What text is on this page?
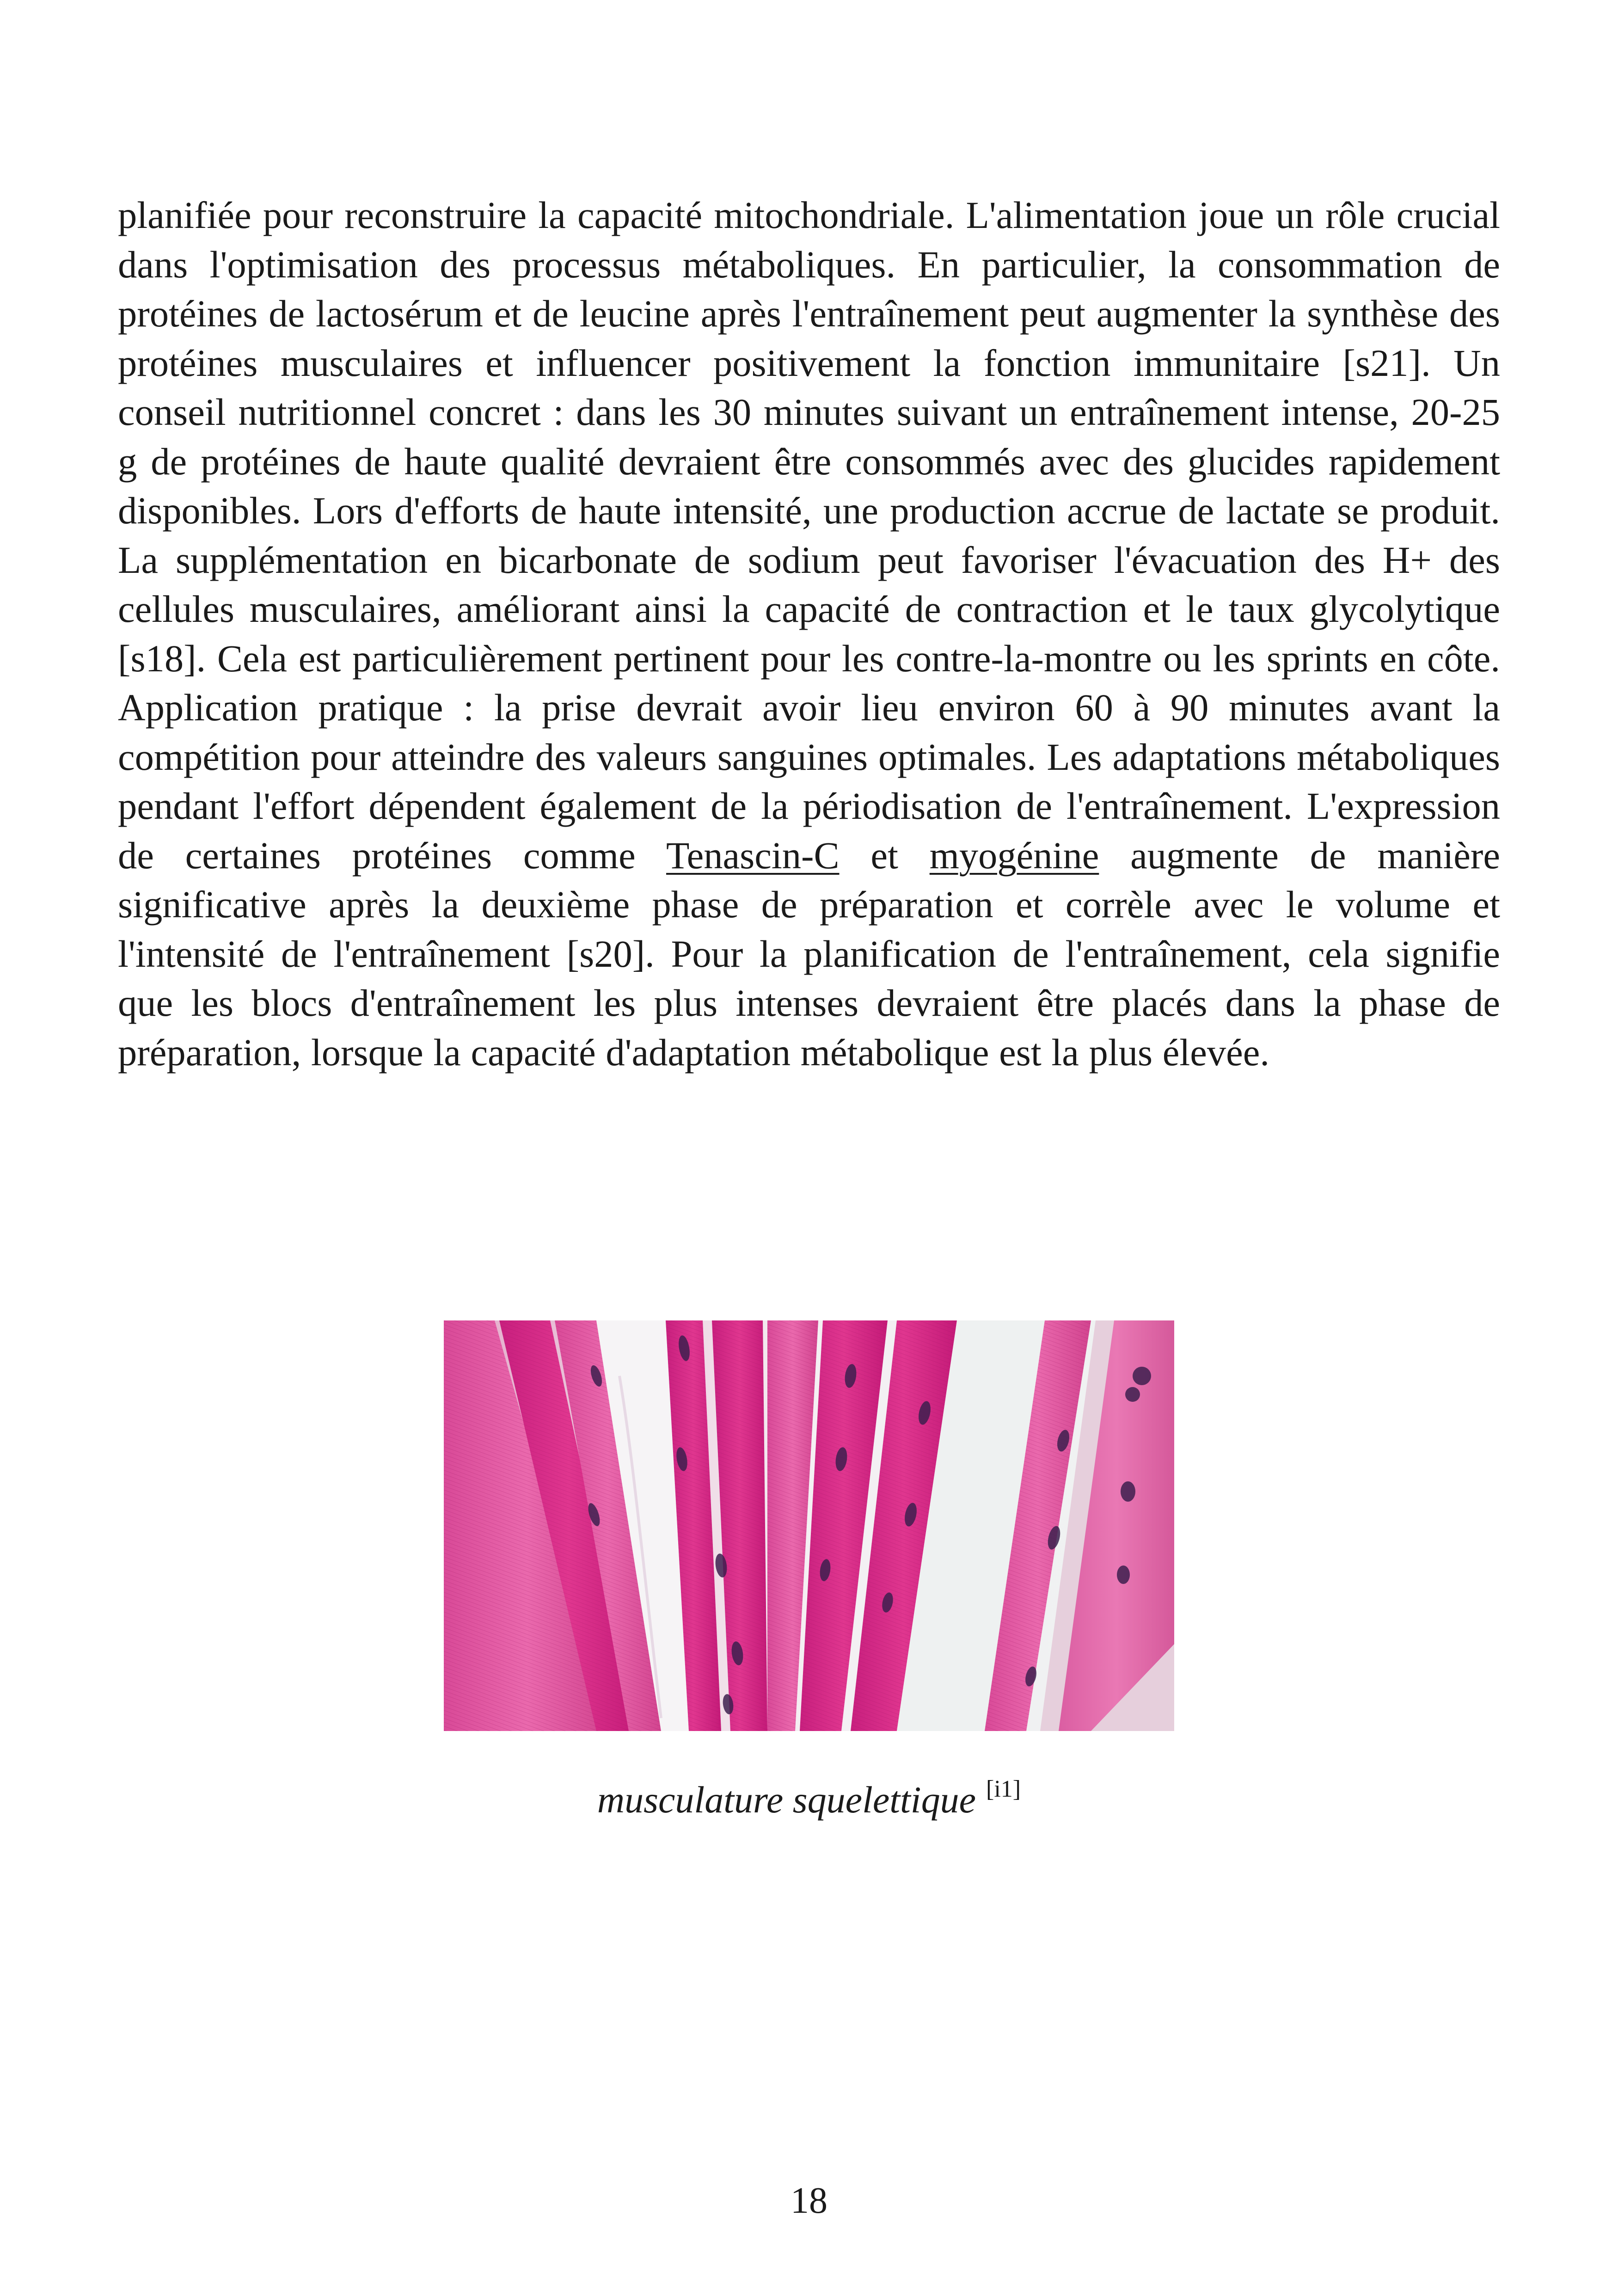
planifiée pour reconstruire la capacité mitochondriale. L'alimentation joue un rôle crucial dans l'optimisation des processus métaboliques. En particulier, la consommation de protéines de lactosérum et de leucine après l'entraînement peut augmenter la synthèse des protéines musculaires et influencer positivement la fonction immunitaire [s21]. Un conseil nutritionnel concret : dans les 30 minutes suivant un entraînement intense, 20-25 g de protéines de haute qualité devraient être consommés avec des glucides rapidement disponibles. Lors d'efforts de haute intensité, une production accrue de lactate se produit. La supplémentation en bicarbonate de sodium peut favoriser l'évacuation des H+ des cellules musculaires, améliorant ainsi la capacité de contraction et le taux glycolytique [s18]. Cela est particulièrement pertinent pour les contre-la-montre ou les sprints en côte. Application pratique : la prise devrait avoir lieu environ 60 à 90 minutes avant la compétition pour atteindre des valeurs sanguines optimales. Les adaptations métaboliques pendant l'effort dépendent également de la périodisation de l'entraînement. L'expression de certaines protéines comme Tenascin-C et myogénine augmente de manière significative après la deuxième phase de préparation et corrèle avec le volume et l'intensité de l'entraînement [s20]. Pour la planification de l'entraînement, cela signifie que les blocs d'entraînement les plus intenses devraient être placés dans la phase de préparation, lorsque la capacité d'adaptation métabolique est la plus élevée.

musculature squelettique [i1]
18
